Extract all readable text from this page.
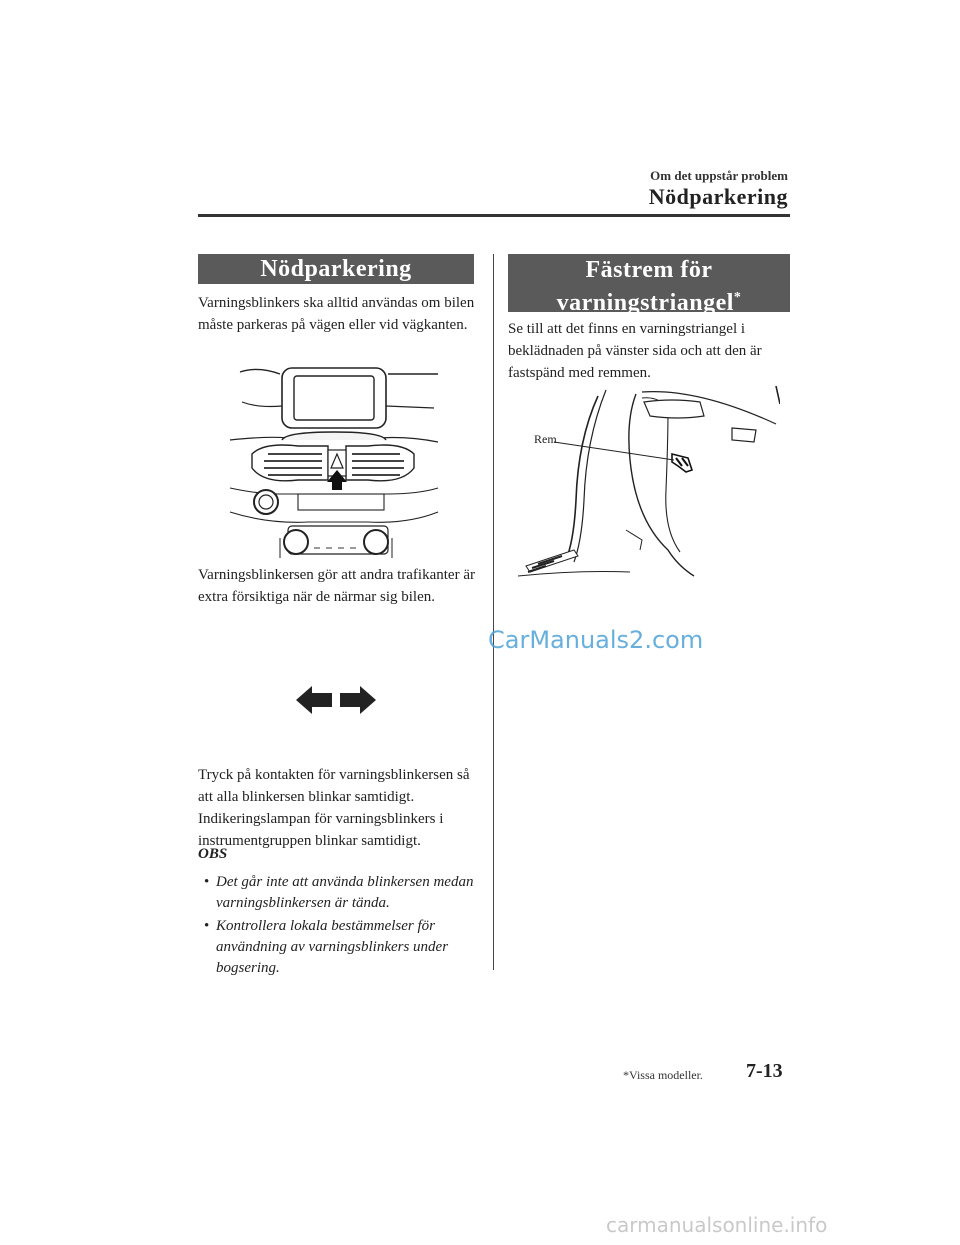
Om det uppstår problem
Nödparkering
Nödparkering
Varningsblinkers ska alltid användas om bilen måste parkeras på vägen eller vid vägkanten.
Varningsblinkersen gör att andra trafikanter är extra försiktiga när de närmar sig bilen.
Tryck på kontakten för varningsblinkersen så att alla blinkersen blinkar samtidigt. Indikeringslampan för varningsblinkers i instrumentgruppen blinkar samtidigt.
OBS
• Det går inte att använda blinkersen medan varningsblinkersen är tända.
• Kontrollera lokala bestämmelser för användning av varningsblinkers under bogsering.
Fästrem för
varningstriangel*
Se till att det finns en varningstriangel i beklädnaden på vänster sida och att den är fastspänd med remmen.
Rem
CarManuals2.com
*Vissa modeller. 7-13
carmanualsonline.info
